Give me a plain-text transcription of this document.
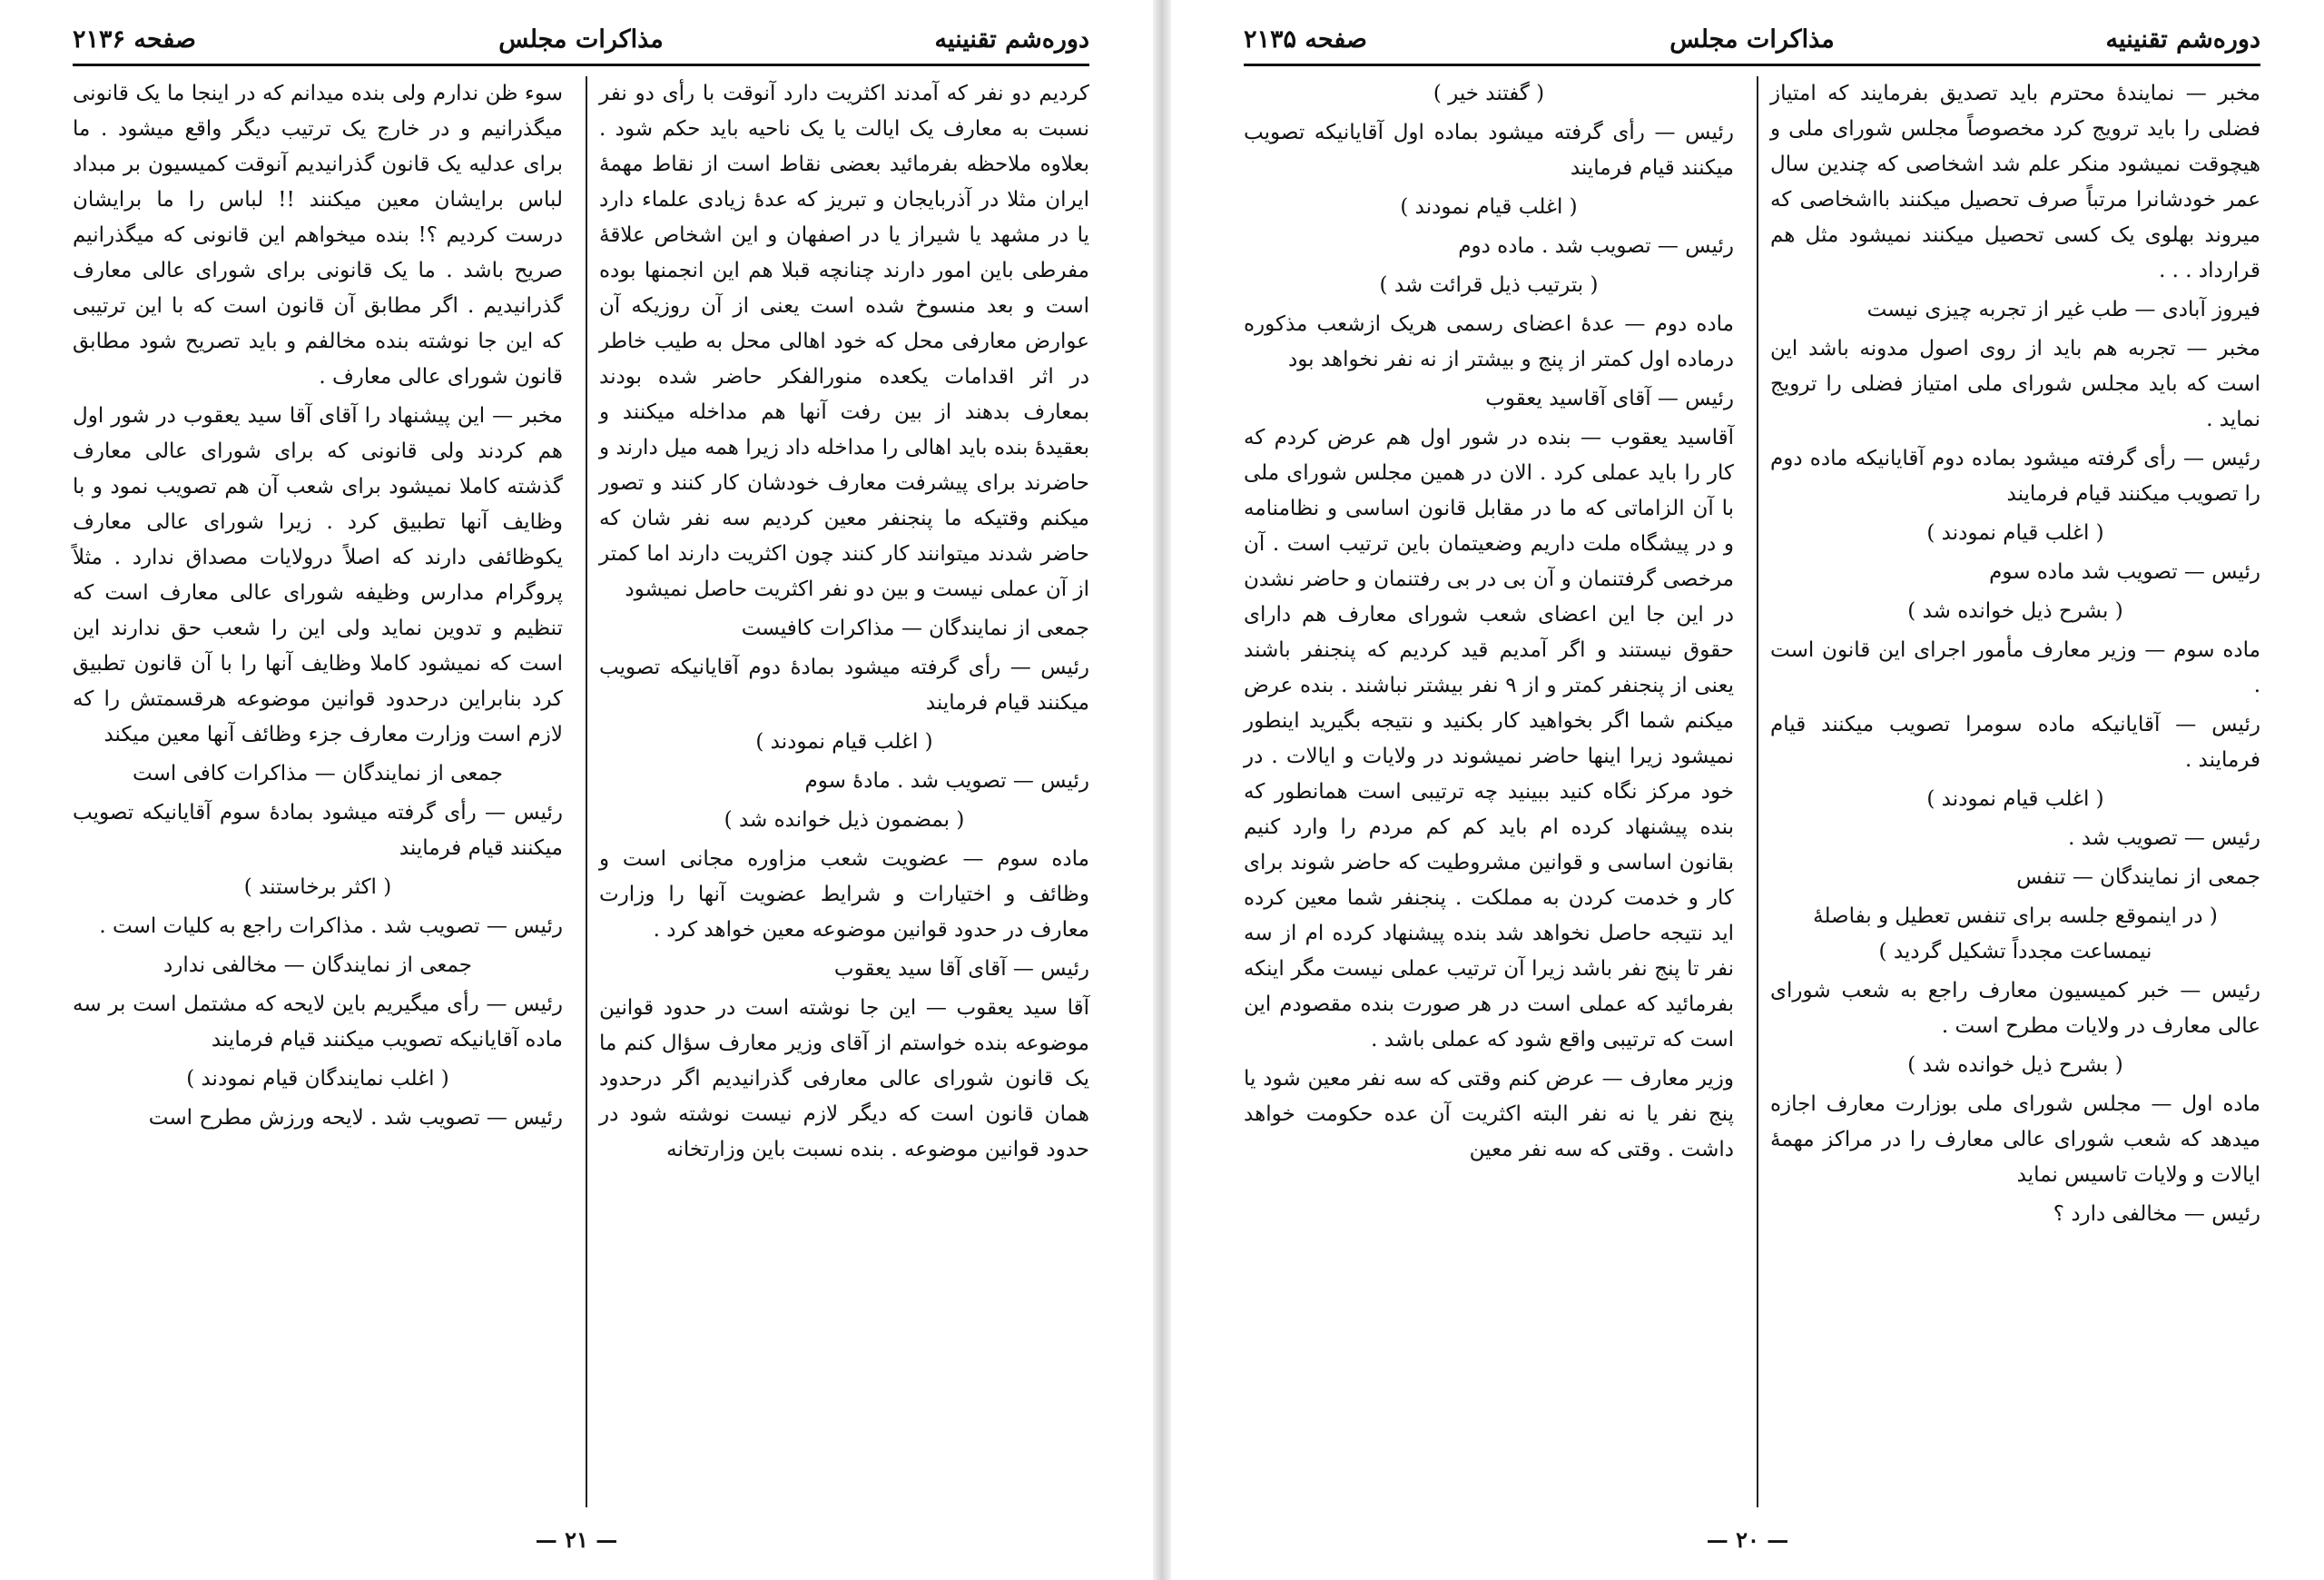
دوره‌شم تقنینیه
مذاکرات مجلس
صفحه ۲۱۳۶

کردیم دو نفر که آمدند اکثریت دارد آنوقت با رأی دو نفر نسبت به معارف یک ایالت یا یک ناحیه باید حکم شود . بعلاوه ملاحظه بفرمائید بعضی نقاط است از نقاط مهمهٔ ایران مثلا در آذربایجان و تبریز که عدهٔ زیادی علماء دارد یا در مشهد یا شیراز یا در اصفهان و این اشخاص علاقهٔ مفرطی باین امور دارند چنانچه قبلا هم این انجمنها بوده است و بعد منسوخ شده است یعنی از آن روزیکه آن عوارض معارفی محل که خود اهالی محل به طیب خاطر در اثر اقدامات یکعده منورالفکر حاضر شده بودند بمعارف بدهند از بین رفت آنها هم مداخله میکنند و بعقیدهٔ بنده باید اهالی را مداخله داد زیرا همه میل دارند و حاضرند برای پیشرفت معارف خودشان کار کنند و تصور میکنم وقتیکه ما پنجنفر معین کردیم سه نفر شان که حاضر شدند میتوانند کار کنند چون اکثریت دارند اما کمتر از آن عملی نیست و بین دو نفر اکثریت حاصل نمیشود

جمعی از نمایندگان — مذاکرات کافیست

رئیس — رأی گرفته میشود بمادهٔ دوم آقایانیکه تصویب میکنند قیام فرمایند

( اغلب قیام نمودند )

رئیس — تصویب شد . مادهٔ سوم

( بمضمون ذیل خوانده شد )

ماده سوم — عضویت شعب مزاوره مجانی است و وظائف و اختیارات و شرایط عضویت آنها را وزارت معارف در حدود قوانین موضوعه معین خواهد کرد .

رئیس — آقای آقا سید یعقوب

آقا سید یعقوب — این جا نوشته است در حدود قوانین موضوعه بنده خواستم از آقای وزیر معارف سؤال کنم ما یک قانون شورای عالی معارفی گذرانیدیم اگر درحدود همان قانون است که دیگر لازم نیست نوشته شود در حدود قوانین موضوعه . بنده نسبت باین وزارتخانه

سوء ظن ندارم ولی بنده میدانم که در اینجا ما یک قانونی میگذرانیم و در خارج یک ترتیب دیگر واقع میشود . ما برای عدلیه یک قانون گذرانیدیم آنوقت کمیسیون بر مبداد لباس برایشان معین میکنند !! لباس را ما برایشان درست کردیم ؟! بنده میخواهم این قانونی که میگذرانیم صریح باشد . ما یک قانونی برای شورای عالی معارف گذرانیدیم . اگر مطابق آن قانون است که با این ترتیبی که این جا نوشته بنده مخالفم و باید تصریح شود مطابق قانون شورای عالی معارف .

مخبر — این پیشنهاد را آقای آقا سید یعقوب در شور اول هم کردند ولی قانونی که برای شورای عالی معارف گذشته کاملا نمیشود برای شعب آن هم تصویب نمود و با وظایف آنها تطبیق کرد . زیرا شورای عالی معارف یکوظائفی دارند که اصلاً درولایات مصداق ندارد . مثلاً پروگرام مدارس وظیفه شورای عالی معارف است که تنظیم و تدوین نماید ولی این را شعب حق ندارند این است که نمیشود کاملا وظایف آنها را با آن قانون تطبیق کرد بنابراین درحدود قوانین موضوعه هرقسمتش را که لازم است وزارت معارف جزء وظائف آنها معین میکند

جمعی از نمایندگان — مذاکرات کافی است

رئیس — رأی گرفته میشود بمادهٔ سوم آقایانیکه تصویب میکنند قیام فرمایند

( اکثر برخاستند )

رئیس — تصویب شد . مذاکرات راجع به کلیات است .

جمعی از نمایندگان — مخالفی ندارد

رئیس — رأی میگیریم باین لایحه که مشتمل است بر سه ماده آقایانیکه تصویب میکنند قیام فرمایند

( اغلب نمایندگان قیام نمودند )

رئیس — تصویب شد . لایحه ورزش مطرح است

— ۲۱ —
دوره‌شم تقنینیه
مذاکرات مجلس
صفحه ۲۱۳۵

مخبر — نمایندهٔ محترم باید تصدیق بفرمایند که امتیاز فضلی را باید ترویج کرد مخصوصاً مجلس شورای ملی و هیچوقت نمیشود منکر علم شد اشخاصی که چندین سال عمر خودشانرا مرتباً صرف تحصیل میکنند بااشخاصی که میروند بهلوی یک کسی تحصیل میکنند نمیشود مثل هم قرارداد . . .

فیروز آبادی — طب غیر از تجربه چیزی نیست

مخبر — تجربه هم باید از روی اصول مدونه باشد این است که باید مجلس شورای ملی امتیاز فضلی را ترویج نماید .

رئیس — رأی گرفته میشود بماده دوم آقایانیکه ماده دوم را تصویب میکنند قیام فرمایند

( اغلب قیام نمودند )

رئیس — تصویب شد ماده سوم

( بشرح ذیل خوانده شد )

ماده سوم — وزیر معارف مأمور اجرای این قانون است .

رئیس — آقایانیکه ماده سومرا تصویب میکنند قیام فرمایند .

( اغلب قیام نمودند )

رئیس — تصویب شد .

جمعی از نمایندگان — تنفس

( در اینموقع جلسه برای تنفس تعطیل و بفاصلهٔ نیمساعت مجدداً تشکیل گردید )

رئیس — خبر کمیسیون معارف راجع به شعب شورای عالی معارف در ولایات مطرح است .

( بشرح ذیل خوانده شد )

ماده اول — مجلس شورای ملی بوزارت معارف اجازه میدهد که شعب شورای عالی معارف را در مراکز مهمهٔ ایالات و ولایات تاسیس نماید

رئیس — مخالفی دارد ؟

( گفتند خیر )

رئیس — رأی گرفته میشود بماده اول آقایانیکه تصویب میکنند قیام فرمایند

( اغلب قیام نمودند )

رئیس — تصویب شد . ماده دوم

( بترتیب ذیل قرائت شد )

ماده دوم — عدهٔ اعضای رسمی هریک ازشعب مذکوره درماده اول کمتر از پنج و بیشتر از نه نفر نخواهد بود

رئیس — آقای آقاسید یعقوب

آقاسید یعقوب — بنده در شور اول هم عرض کردم که کار را باید عملی کرد . الان در همین مجلس شورای ملی با آن الزاماتی که ما در مقابل قانون اساسی و نظامنامه و در پیشگاه ملت داریم وضعیتمان باین ترتیب است . آن مرخصی گرفتنمان و آن بی در بی رفتنمان و حاضر نشدن در این جا این اعضای شعب شورای معارف هم دارای حقوق نیستند و اگر آمدیم قید کردیم که پنجنفر باشند یعنی از پنجنفر کمتر و از ۹ نفر بیشتر نباشند . بنده عرض میکنم شما اگر بخواهید کار بکنید و نتیجه بگیرید اینطور نمیشود زیرا اینها حاضر نمیشوند در ولایات و ایالات . در خود مرکز نگاه کنید ببینید چه ترتیبی است همانطور که بنده پیشنهاد کرده ام باید کم کم مردم را وارد کنیم بقانون اساسی و قوانین مشروطیت که حاضر شوند برای کار و خدمت کردن به مملکت . پنجنفر شما معین کرده اید نتیجه حاصل نخواهد شد بنده پیشنهاد کرده ام از سه نفر تا پنج نفر باشد زیرا آن ترتیب عملی نیست مگر اینکه بفرمائید که عملی است در هر صورت بنده مقصودم این است که ترتیبی واقع شود که عملی باشد .

وزیر معارف — عرض کنم وقتی که سه نفر معین شود یا پنج نفر یا نه نفر البته اکثریت آن عده حکومت خواهد داشت . وقتی که سه نفر معین

— ۲۰ —
